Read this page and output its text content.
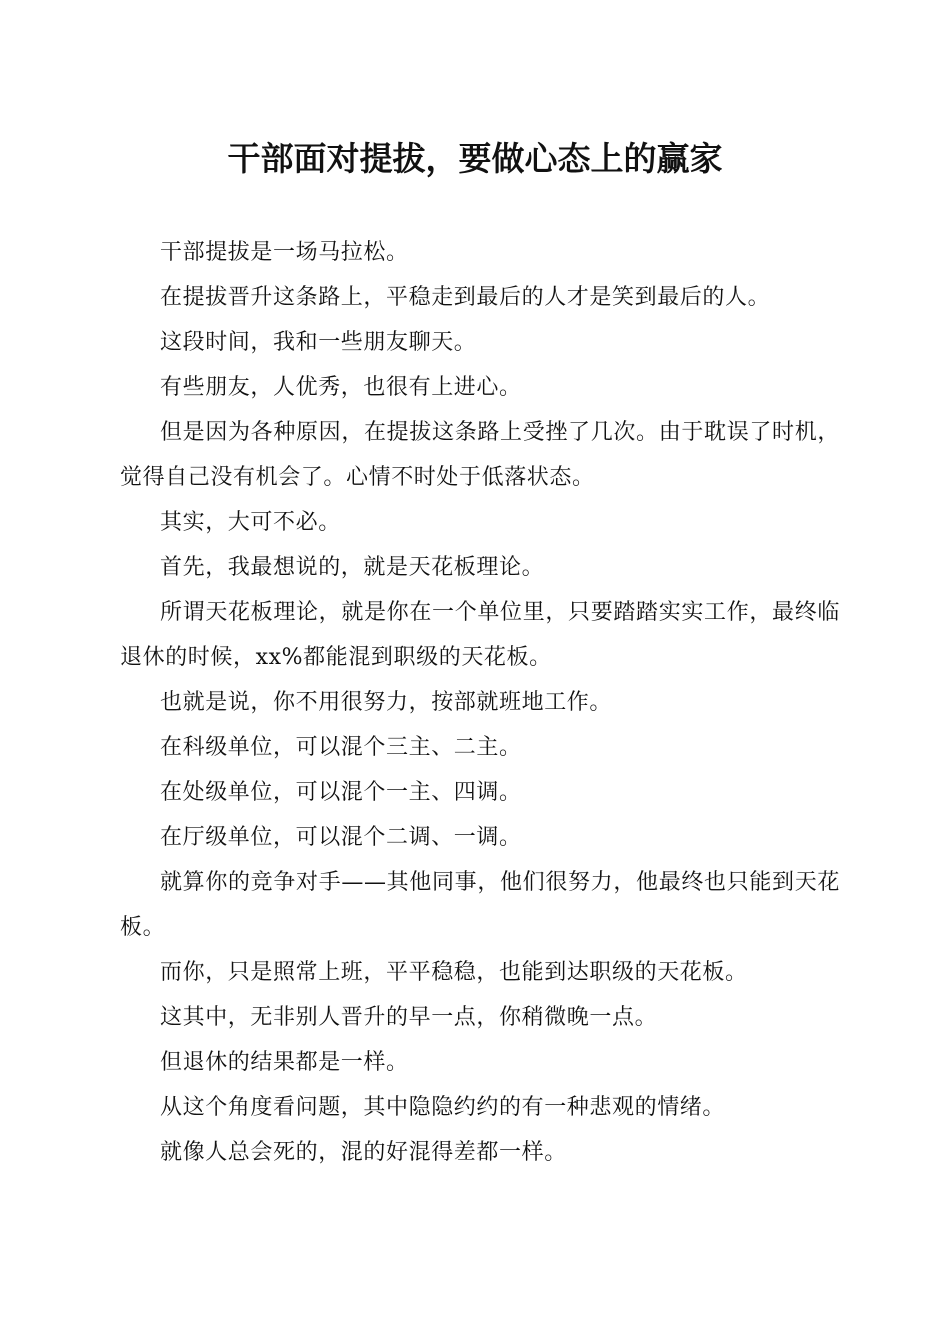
干部面对提拔，要做心态上的赢家

干部提拔是一场马拉松。

在提拔晋升这条路上，平稳走到最后的人才是笑到最后的人。

这段时间，我和一些朋友聊天。

有些朋友，人优秀，也很有上进心。

但是因为各种原因，在提拔这条路上受挫了几次。由于耽误了时机，觉得自己没有机会了。心情不时处于低落状态。

其实，大可不必。

首先，我最想说的，就是天花板理论。

所谓天花板理论，就是你在一个单位里，只要踏踏实实工作，最终临退休的时候，xx%都能混到职级的天花板。

也就是说，你不用很努力，按部就班地工作。

在科级单位，可以混个三主、二主。

在处级单位，可以混个一主、四调。

在厅级单位，可以混个二调、一调。

就算你的竞争对手——其他同事，他们很努力，他最终也只能到天花板。

而你，只是照常上班，平平稳稳，也能到达职级的天花板。

这其中，无非别人晋升的早一点，你稍微晚一点。

但退休的结果都是一样。

从这个角度看问题，其中隐隐约约的有一种悲观的情绪。

就像人总会死的，混的好混得差都一样。
